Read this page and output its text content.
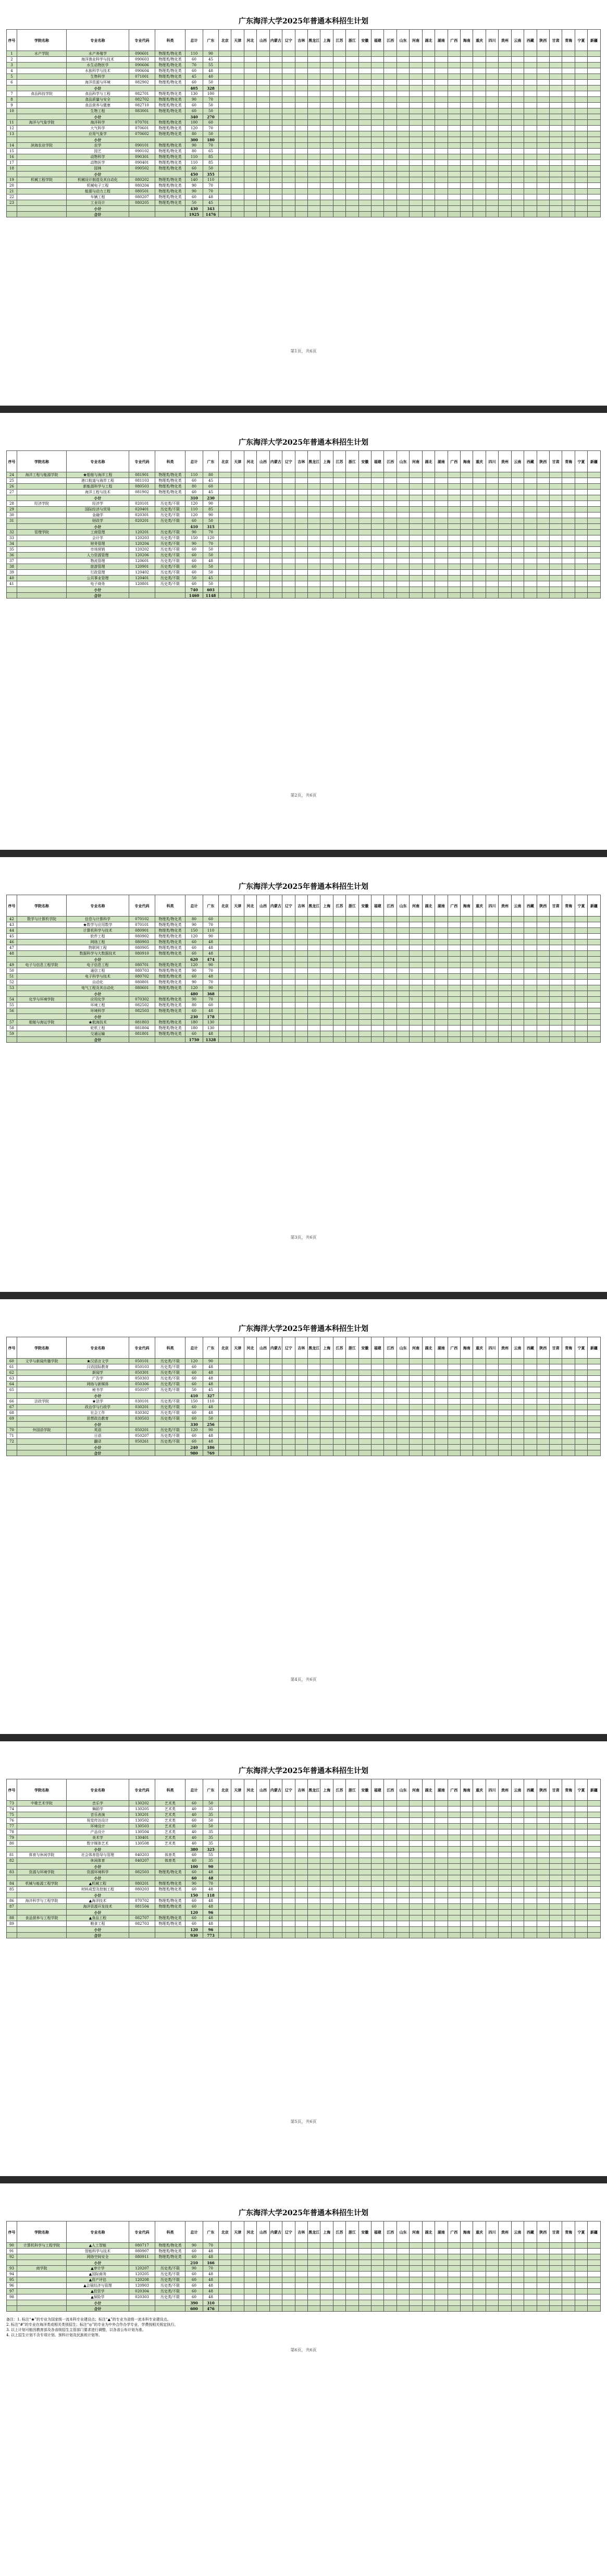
广东海洋大学2025年普通本科招生计划
序号	学院名称	专业名称	专业代码	科类	总计	广东	北京	天津	河北	山西	内蒙古	辽宁	吉林	黑龙江	上海	江苏	浙江	安徽	福建	江西	山东	河南	湖北	湖南	广西	海南	重庆	四川	贵州	云南	西藏	陕西	甘肃	青海	宁夏	新疆
1	水产学院	水产养殖学	090601	物理类/物化类	110	90																														
2		海洋渔业科学与技术	090603	物理类/物化类	60	45																														
3		水生动物医学	090606	物理类/物化类	70	55																														
4		水族科学与技术	090604	物理类/物化类	60	48																														
5		生物科学	071001	物理类/物化类	45	40																														
6		海洋资源与环境	082902	物理类/物化类	60	50																														
		小计			405	328																														
7	食品科技学院	食品科学与工程	082701	物理类/物化类	130	100																														
8		食品质量与安全	082702	物理类/物化类	90	70																														
9		食品营养与健康	082710	物理类/物化类	60	50																														
10		生物工程	083001	物理类/物化类	60	50																														
		小计			340	270																														
11	海洋与气象学院	海洋科学	070701	物理类/物化类	100	60																														
12		大气科学	070601	物理类/物化类	120	70																														
13		应用气象学	070602	物理类/物化类	80	50																														
		小计			300	180																														
14	滨海农业学院	农学	090101	物理类/物化类	90	70																														
15		园艺	090102	物理类/物化类	80	65																														
16		动物科学	090301	物理类/物化类	110	85																														
17		动物医学	090401	物理类/物化类	110	85																														
18		园林	090502	物理类/物化类	60	50																														
		小计			450	355																														
19	机械工程学院	机械设计制造及其自动化	080202	物理类/物化类	140	110																														
20		机械电子工程	080204	物理类/物化类	90	70																														
21		能源与动力工程	080501	物理类/物化类	90	70																														
22		车辆工程	080207	物理类/物化类	60	48																														
23		工业设计	080205	物理类/物化类	50	45																														
		小计			430	343																														
		合计			1925	1476																														
第1页，共6页
广东海洋大学2025年普通本科招生计划
序号	学院名称	专业名称	专业代码	科类	总计	广东	北京	天津	河北	山西	内蒙古	辽宁	吉林	黑龙江	上海	江苏	浙江	安徽	福建	江西	山东	河南	湖北	湖南	广西	海南	重庆	四川	贵州	云南	西藏	陕西	甘肃	青海	宁夏	新疆
24	海洋工程与能源学院	★船舶与海洋工程	081901	物理类/物化类	110	80																														
25		港口航道与海岸工程	081103	物理类/物化类	60	45																														
26		新能源科学与工程	080503	物理类/物化类	80	60																														
27		海洋工程与技术	081902	物理类/物化类	60	45																														
		小计			310	230																														
28	经济学院	经济学	020101	历史类/不限	120	90																														
29		国际经济与贸易	020401	历史类/不限	110	85																														
30		金融学	020301	历史类/不限	120	90																														
31		财政学	020201	历史类/不限	60	50																														
		小计			410	315																														
32	管理学院	工商管理	120201	历史类/不限	90	70																														
33		会计学	120203	历史类/不限	150	120																														
34		财务管理	120204	历史类/不限	90	70																														
35		市场营销	120202	历史类/不限	60	50																														
36		人力资源管理	120206	历史类/不限	60	50																														
37		物流管理	120601	历史类/不限	60	48																														
38		旅游管理	120901	历史类/不限	60	50																														
39		行政管理	120402	历史类/不限	60	50																														
40		公共事业管理	120401	历史类/不限	50	45																														
41		电子商务	120801	历史类/不限	60	50																														
		小计			740	603																														
		合计			1460	1148																														
第2页，共6页
广东海洋大学2025年普通本科招生计划
序号	学院名称	专业名称	专业代码	科类	总计	广东	北京	天津	河北	山西	内蒙古	辽宁	吉林	黑龙江	上海	江苏	浙江	安徽	福建	江西	山东	河南	湖北	湖南	广西	海南	重庆	四川	贵州	云南	西藏	陕西	甘肃	青海	宁夏	新疆
42	数学与计算机学院	信息与计算科学	070102	物理类/物化类	80	60																														
43		★数学与应用数学	070101	物理类/物化类	90	70																														
44		计算机科学与技术	080901	物理类/物化类	150	110																														
45		软件工程	080902	物理类/物化类	120	90																														
46		网络工程	080903	物理类/物化类	60	48																														
47		物联网工程	080905	物理类/物化类	60	48																														
48		数据科学与大数据技术	080910	物理类/物化类	60	48																														
		小计			620	474																														
49	电子与信息工程学院	电子信息工程	080701	物理类/物化类	120	90																														
50		通信工程	080703	物理类/物化类	90	70																														
51		电子科学与技术	080702	物理类/物化类	60	48																														
52		自动化	080801	物理类/物化类	90	70																														
53		电气工程及其自动化	080601	物理类/物化类	120	90																														
		小计			480	368																														
54	化学与环境学院	应用化学	070302	物理类/物化类	90	70																														
55		环境工程	082502	物理类/物化类	80	60																														
56		环境科学	082503	物理类/物化类	60	48																														
		小计			230	178																														
57	船舶与海运学院	★航海技术	081803	物理类/物化类	180	130																														
58		轮机工程	081804	物理类/物化类	180	130																														
59		交通运输	081801	物理类/物化类	60	48																														
		合计			1750	1328																														
第3页，共6页
广东海洋大学2025年普通本科招生计划
序号	学院名称	专业名称	专业代码	科类	总计	广东	北京	天津	河北	山西	内蒙古	辽宁	吉林	黑龙江	上海	江苏	浙江	安徽	福建	江西	山东	河南	湖北	湖南	广西	海南	重庆	四川	贵州	云南	西藏	陕西	甘肃	青海	宁夏	新疆
60	文学与新闻传播学院	★汉语言文学	050101	历史类/不限	120	90																														
61		汉语国际教育	050103	历史类/不限	60	48																														
62		新闻学	050301	历史类/不限	60	48																														
63		广告学	050303	历史类/不限	60	48																														
64		网络与新媒体	050306	历史类/不限	60	48																														
65		秘书学	050107	历史类/不限	50	45																														
		小计			410	327																														
66	法政学院	★法学	030101	历史类/不限	150	110																														
67		政治学与行政学	030201	历史类/不限	60	48																														
68		社会工作	030302	历史类/不限	60	48																														
69		思想政治教育	030503	历史类/不限	60	50																														
		小计			330	256																														
70	外国语学院	英语	050201	历史类/不限	120	90																														
71		日语	050207	历史类/不限	60	48																														
72		翻译	050261	历史类/不限	60	48																														
		小计			240	186																														
		合计			980	769																														
第4页，共6页
广东海洋大学2025年普通本科招生计划
序号	学院名称	专业名称	专业代码	科类	总计	广东	北京	天津	河北	山西	内蒙古	辽宁	吉林	黑龙江	上海	江苏	浙江	安徽	福建	江西	山东	河南	湖北	湖南	广西	海南	重庆	四川	贵州	云南	西藏	陕西	甘肃	青海	宁夏	新疆
73	中歌艺术学院	音乐学	130202	艺术类	60	50																														
74		舞蹈学	130205	艺术类	40	35																														
75		音乐表演	130201	艺术类	40	35																														
76		视觉传达设计	130502	艺术类	60	50																														
77		环境设计	130503	艺术类	60	50																														
78		产品设计	130504	艺术类	40	35																														
79		美术学	130401	艺术类	40	35																														
80		数字媒体艺术	130508	艺术类	40	35																														
		小计			380	325																														
81	体育与休闲学院	社会体育指导与管理	040203	体育类	60	55																														
82		休闲体育	040207	体育类	40	35																														
		小计			100	90																														
83	资源与环境学院	资源环境科学	082503	物理类/物化类	60	48																														
		小计			60	48																														
84	机械与能源工程学院	▲机械工程	080201	物理类/物化类	90	70																														
85		材料成型及控制工程	080203	物理类/物化类	60	48																														
		小计			150	118																														
86	海洋科学与工程学院	▲海洋技术	070702	物理类/物化类	60	48																														
87		海洋资源开发技术	081504	物理类/物化类	60	48																														
		小计			120	96																														
88	食品营养与工程学院	▲食品工程	082707	物理类/物化类	60	48																														
89		粮食工程	082703	物理类/物化类	60	48																														
		小计			120	96																														
		合计			930	773																														
第5页，共6页
广东海洋大学2025年普通本科招生计划
序号	学院名称	专业名称	专业代码	科类	总计	广东	北京	天津	河北	山西	内蒙古	辽宁	吉林	黑龙江	上海	江苏	浙江	安徽	福建	江西	山东	河南	湖北	湖南	广西	海南	重庆	四川	贵州	云南	西藏	陕西	甘肃	青海	宁夏	新疆
90	计算机科学与工程学院	▲人工智能	080717	物理类/物化类	90	70																														
91		智能科学与技术	080907	物理类/物化类	60	48																														
92		网络空间安全	080911	物理类/物化类	60	48																														
		小计			210	166																														
93	商学院	▲审计学	120207	历史类/不限	90	70																														
94		▲国际商务	120205	历史类/不限	60	48																														
95		▲资产评估	120208	历史类/不限	60	48																														
96		▲会展经济与管理	120903	历史类/不限	60	48																														
97		▲投资学	020304	历史类/不限	60	48																														
98		▲保险学	020303	历史类/不限	60	48																														
		小计			390	310																														
		合计			600	476																														
备注：1. 标注“★”的专业为国家级一流本科专业建设点；标注“▲”的专业为省级一流本科专业建设点。
2. 标注“#”的专业在海洋类或相关类别招生；标注“◎”的专业为中外合作办学专业，学费按相关规定执行。
3. 以上计划可能因教育部及各省级招生主管部门要求进行调整，以各省公布计划为准。
4. 以上招生计划不含专项计划、预科计划及民族班计划等。
第6页，共6页
